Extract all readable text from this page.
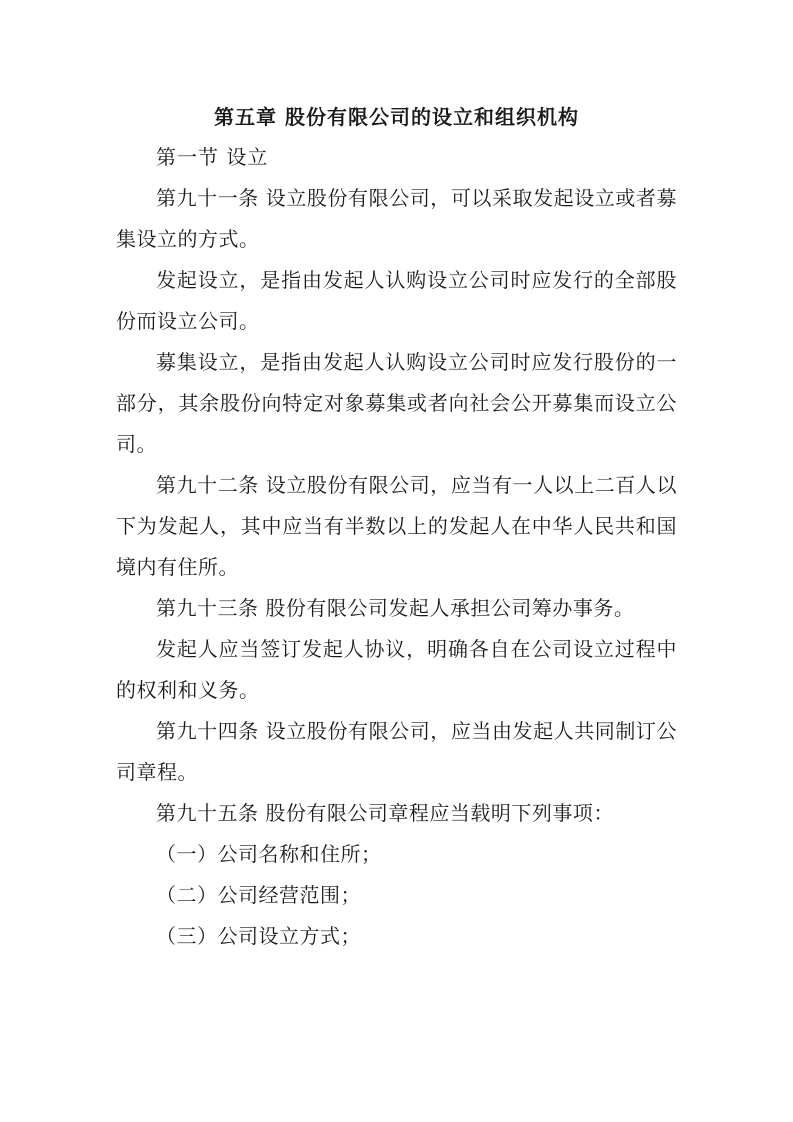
第五章 股份有限公司的设立和组织机构

第一节 设立

第九十一条 设立股份有限公司，可以采取发起设立或者募集设立的方式。

发起设立，是指由发起人认购设立公司时应发行的全部股份而设立公司。

募集设立，是指由发起人认购设立公司时应发行股份的一部分，其余股份向特定对象募集或者向社会公开募集而设立公司。

第九十二条 设立股份有限公司，应当有一人以上二百人以下为发起人，其中应当有半数以上的发起人在中华人民共和国境内有住所。

第九十三条 股份有限公司发起人承担公司筹办事务。

发起人应当签订发起人协议，明确各自在公司设立过程中的权利和义务。

第九十四条 设立股份有限公司，应当由发起人共同制订公司章程。

第九十五条 股份有限公司章程应当载明下列事项：

（一）公司名称和住所；

（二）公司经营范围；

（三）公司设立方式；
